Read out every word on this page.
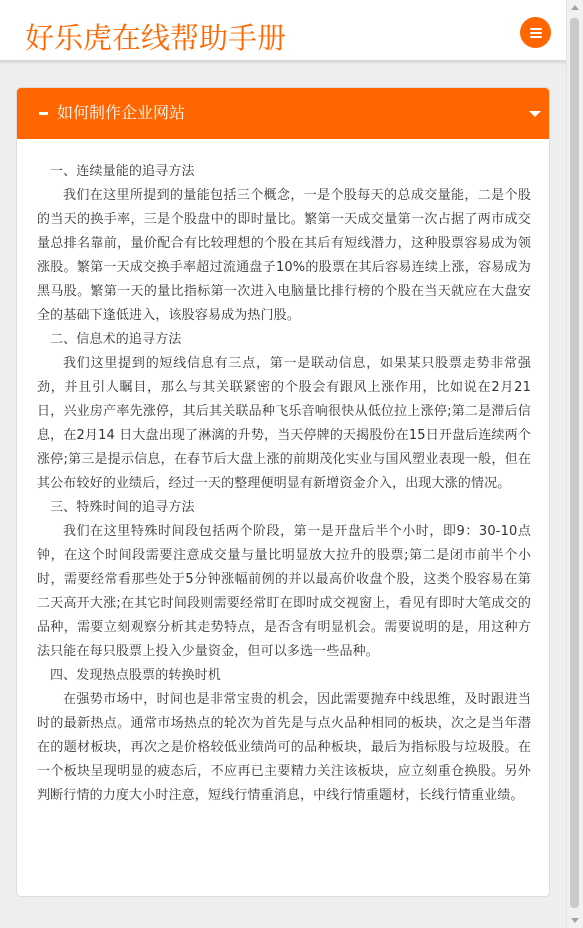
好乐虎在线帮助手册
如何制作企业网站

一、连续量能的追寻方法

我们在这里所提到的量能包括三个概念，一是个股每天的总成交量能，二是个股的当天的换手率，三是个股盘中的即时量比。繁第一天成交量第一次占据了两市成交量总排名靠前，量价配合有比较理想的个股在其后有短线潜力，这种股票容易成为领涨股。繁第一天成交换手率超过流通盘子10%的股票在其后容易连续上涨，容易成为黑马股。繁第一天的量比指标第一次进入电脑量比排行榜的个股在当天就应在大盘安全的基础下逢低进入，该股容易成为热门股。

二、信息术的追寻方法

我们这里提到的短线信息有三点，第一是联动信息，如果某只股票走势非常强劲，并且引人瞩目，那么与其关联紧密的个股会有跟风上涨作用，比如说在2月21日，兴业房产率先涨停，其后其关联品种飞乐音响很快从低位拉上涨停;第二是滞后信息，在2月14 日大盘出现了淋漓的升势，当天停牌的天揭股份在15日开盘后连续两个涨停;第三是提示信息，在春节后大盘上涨的前期茂化实业与国风塑业表现一般，但在其公布较好的业绩后，经过一天的整理便明显有新增资金介入，出现大涨的情况。

三、特殊时间的追寻方法

我们在这里特殊时间段包括两个阶段，第一是开盘后半个小时，即9：30-10点钟，在这个时间段需要注意成交量与量比明显放大拉升的股票;第二是闭市前半个小时，需要经常看那些处于5分钟涨幅前例的并以最高价收盘个股，这类个股容易在第二天高开大涨;在其它时间段则需要经常盯在即时成交视窗上，看见有即时大笔成交的品种，需要立刻观察分析其走势特点，是否含有明显机会。需要说明的是，用这种方法只能在每只股票上投入少量资金，但可以多选一些品种。

四、发现热点股票的转换时机

在强势市场中，时间也是非常宝贵的机会，因此需要抛弃中线思维，及时跟进当时的最新热点。通常市场热点的轮次为首先是与点火品种相同的板块，次之是当年潜在的题材板块，再次之是价格较低业绩尚可的品种板块，最后为指标股与垃圾股。在一个板块呈现明显的疲态后，不应再已主要精力关注该板块，应立刻重仓换股。另外判断行情的力度大小时注意，短线行情重消息，中线行情重题材，长线行情重业绩。
